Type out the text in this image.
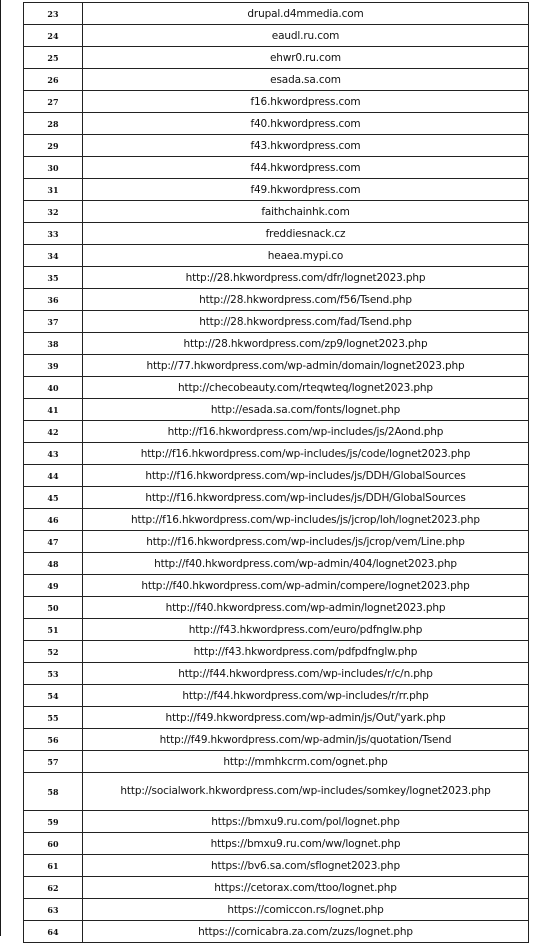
23	drupal.d4mmedia.com
24	eaudl.ru.com
25	ehwr0.ru.com
26	esada.sa.com
27	f16.hkwordpress.com
28	f40.hkwordpress.com
29	f43.hkwordpress.com
30	f44.hkwordpress.com
31	f49.hkwordpress.com
32	faithchainhk.com
33	freddiesnack.cz
34	heaea.mypi.co
35	http://28.hkwordpress.com/dfr/lognet2023.php
36	http://28.hkwordpress.com/f56/Tsend.php
37	http://28.hkwordpress.com/fad/Tsend.php
38	http://28.hkwordpress.com/zp9/lognet2023.php
39	http://77.hkwordpress.com/wp-admin/domain/lognet2023.php
40	http://checobeauty.com/rteqwteq/lognet2023.php
41	http://esada.sa.com/fonts/lognet.php
42	http://f16.hkwordpress.com/wp-includes/js/2Aond.php
43	http://f16.hkwordpress.com/wp-includes/js/code/lognet2023.php
44	http://f16.hkwordpress.com/wp-includes/js/DDH/GlobalSources
45	http://f16.hkwordpress.com/wp-includes/js/DDH/GlobalSources
46	http://f16.hkwordpress.com/wp-includes/js/jcrop/loh/lognet2023.php
47	http://f16.hkwordpress.com/wp-includes/js/jcrop/vem/Line.php
48	http://f40.hkwordpress.com/wp-admin/404/lognet2023.php
49	http://f40.hkwordpress.com/wp-admin/compere/lognet2023.php
50	http://f40.hkwordpress.com/wp-admin/lognet2023.php
51	http://f43.hkwordpress.com/euro/pdfnglw.php
52	http://f43.hkwordpress.com/pdfpdfnglw.php
53	http://f44.hkwordpress.com/wp-includes/r/c/n.php
54	http://f44.hkwordpress.com/wp-includes/r/rr.php
55	http://f49.hkwordpress.com/wp-admin/js/Out/'yark.php
56	http://f49.hkwordpress.com/wp-admin/js/quotation/Tsend
57	http://mmhkcrm.com/ognet.php
58	http://socialwork.hkwordpress.com/wp-includes/somkey/lognet2023.php

59	https://bmxu9.ru.com/pol/lognet.php
60	https://bmxu9.ru.com/ww/lognet.php
61	https://bv6.sa.com/sflognet2023.php
62	https://cetorax.com/ttoo/lognet.php
63	https://comiccon.rs/lognet.php
64	https://cornicabra.za.com/zuzs/lognet.php
